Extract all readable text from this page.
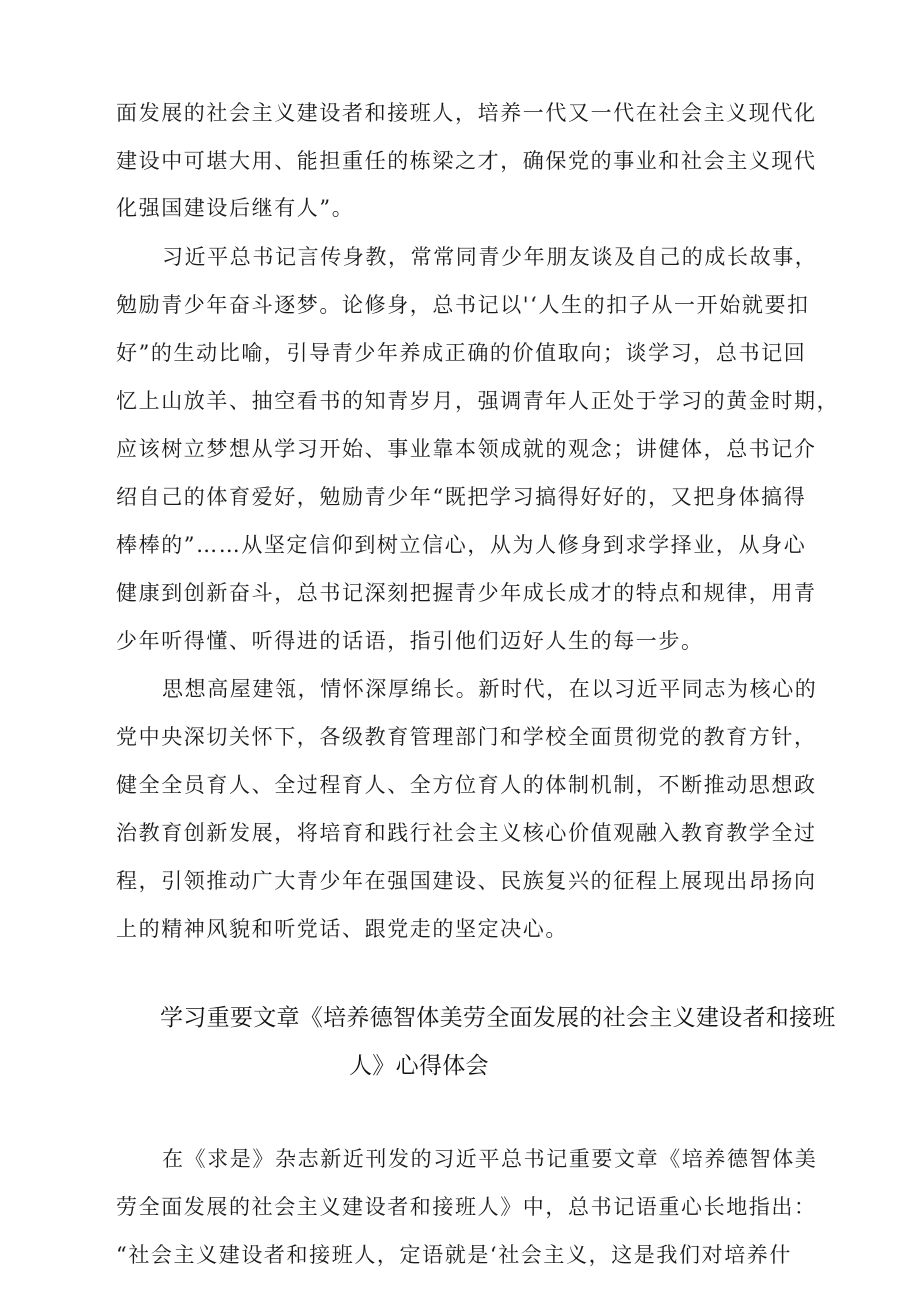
面发展的社会主义建设者和接班人，培养一代又一代在社会主义现代化
建设中可堪大用、能担重任的栋梁之才，确保党的事业和社会主义现代
化强国建设后继有人”。
习近平总书记言传身教，常常同青少年朋友谈及自己的成长故事，
勉励青少年奋斗逐梦。论修身，总书记以'‘人生的扣子从一开始就要扣
好”的生动比喻，引导青少年养成正确的价值取向；谈学习，总书记回
忆上山放羊、抽空看书的知青岁月，强调青年人正处于学习的黄金时期，
应该树立梦想从学习开始、事业靠本领成就的观念；讲健体，总书记介
绍自己的体育爱好，勉励青少年“既把学习搞得好好的，又把身体搞得
棒棒的”……从坚定信仰到树立信心，从为人修身到求学择业，从身心
健康到创新奋斗，总书记深刻把握青少年成长成才的特点和规律，用青
少年听得懂、听得进的话语，指引他们迈好人生的每一步。
思想高屋建瓴，情怀深厚绵长。新时代，在以习近平同志为核心的
党中央深切关怀下，各级教育管理部门和学校全面贯彻党的教育方针，
健全全员育人、全过程育人、全方位育人的体制机制，不断推动思想政
治教育创新发展，将培育和践行社会主义核心价值观融入教育教学全过
程，引领推动广大青少年在强国建设、民族复兴的征程上展现出昂扬向
上的精神风貌和听党话、跟党走的坚定决心。
学习重要文章《培养德智体美劳全面发展的社会主义建设者和接班
人》心得体会
在《求是》杂志新近刊发的习近平总书记重要文章《培养德智体美
劳全面发展的社会主义建设者和接班人》中，总书记语重心长地指出：
“社会主义建设者和接班人，定语就是‘社会主义，这是我们对培养什
